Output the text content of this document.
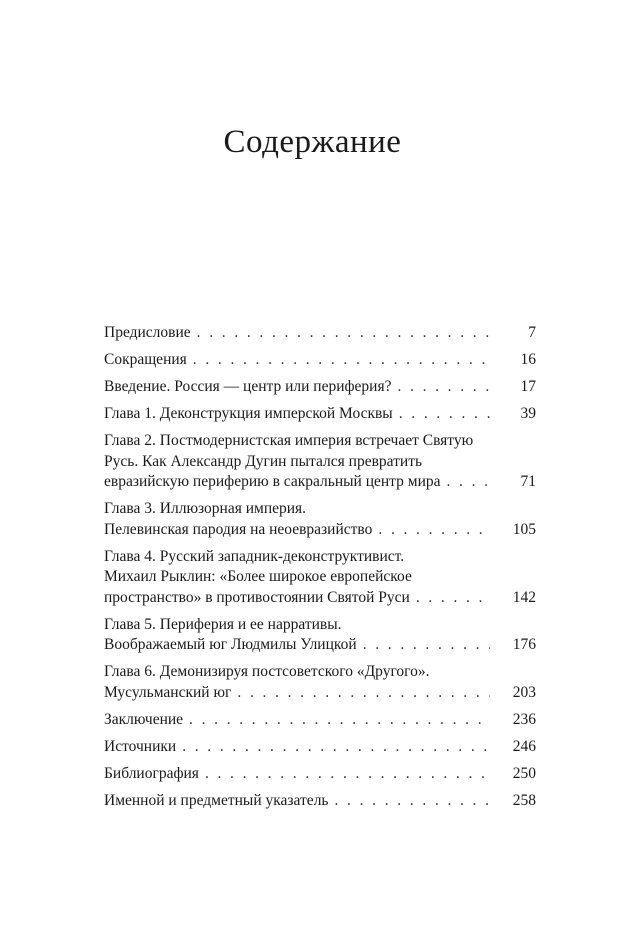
Содержание
Предисловие . . .	7
Сокращения . . .	16
Введение. Россия — центр или периферия? . . .	17
Глава 1. Деконструкция имперской Москвы . . .	39
Глава 2. Постмодернистская империя встречает Святую
Русь. Как Александр Дугин пытался превратить
евразийскую периферию в сакральный центр мира . . .	71
Глава 3. Иллюзорная империя.
Пелевинская пародия на неоевразийство . . .	105
Глава 4. Русский западник-деконструктивист.
Михаил Рыклин: «Более широкое европейское
пространство» в противостоянии Святой Руси . . .	142
Глава 5. Периферия и ее нарративы.
Воображаемый юг Людмилы Улицкой . . .	176
Глава 6. Демонизируя постсоветского «Другого».
Мусульманский юг . . .	203
Заключение . . .	236
Источники . . .	246
Библиография . . .	250
Именной и предметный указатель . . .	258
